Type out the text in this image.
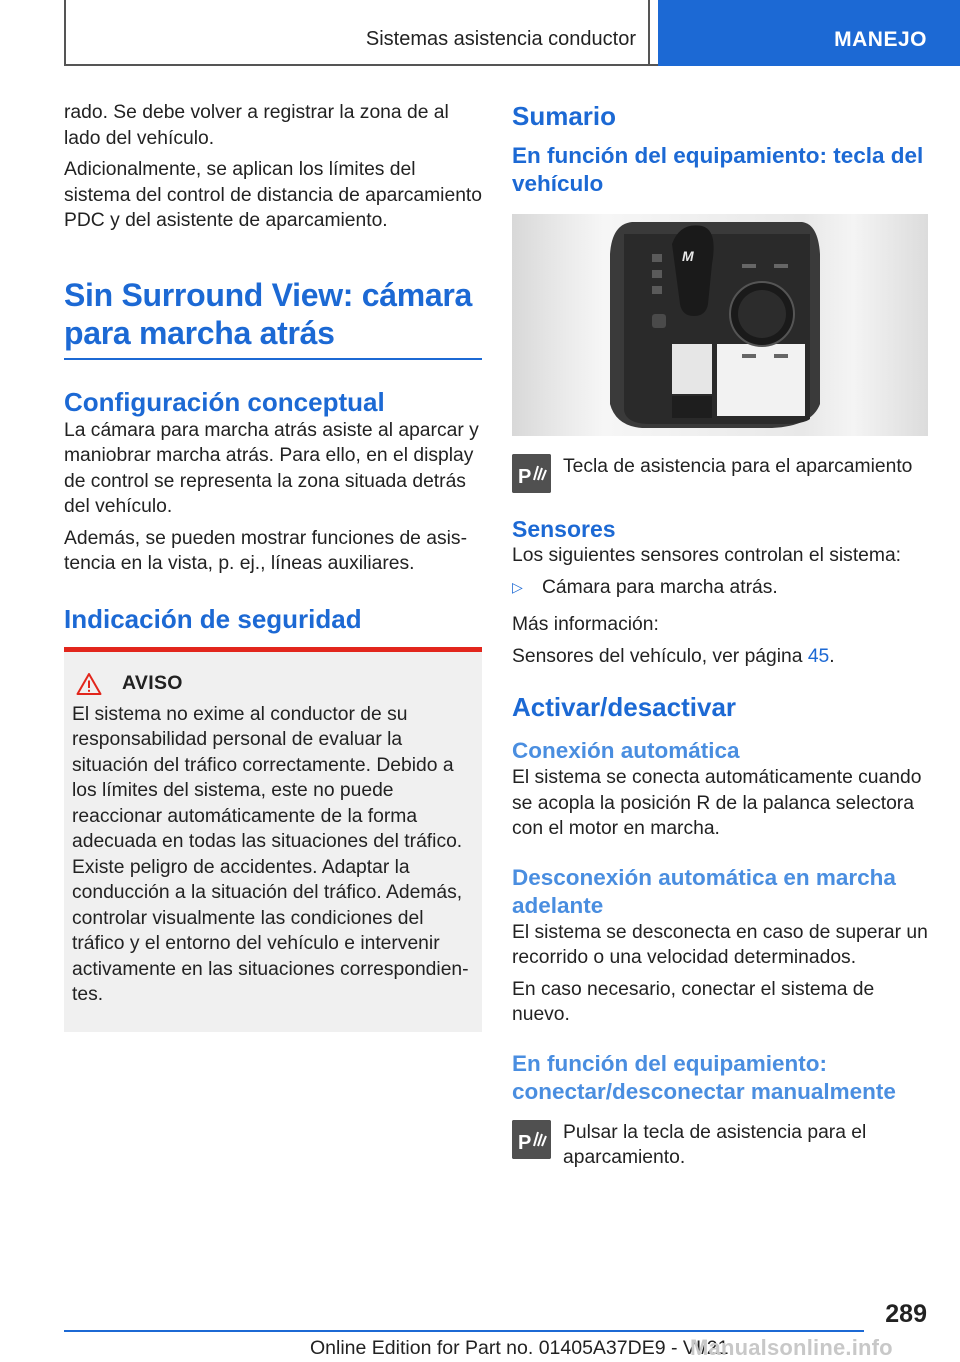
Sistemas asistencia conductor	MANEJO

rado. Se debe volver a registrar la zona de al lado del vehículo.

Adicionalmente, se aplican los límites del sistema del control de distancia de aparcamiento PDC y del asistente de aparcamiento.

Sin Surround View: cámara para marcha atrás
Configuración conceptual

La cámara para marcha atrás asiste al aparcar y maniobrar marcha atrás. Para ello, en el display de control se representa la zona situada detrás del vehículo.

Además, se pueden mostrar funciones de asistencia en la vista, p. ej., líneas auxiliares.

Indicación de seguridad
AVISO

El sistema no exime al conductor de su responsabilidad personal de evaluar la situación del tráfico correctamente. Debido a los límites del sistema, este no puede reaccionar automáticamente de la forma adecuada en todas las situaciones del tráfico. Existe peligro de accidentes. Adaptar la conducción a la situación del tráfico. Además, controlar visualmente las condiciones del tráfico y el entorno del vehículo e intervenir activamente en las situaciones correspondientes.

Sumario
En función del equipamiento: tecla del vehículo
M
P Tecla de asistencia para el aparcamiento

Sensores

Los siguientes sensores controlan el sistema:

▷ Cámara para marcha atrás.

Más información:

Sensores del vehículo, ver página 45.

Activar/desactivar
Conexión automática

El sistema se conecta automáticamente cuando se acopla la posición R de la palanca selectora con el motor en marcha.

Desconexión automática en marcha adelante

El sistema se desconecta en caso de superar un recorrido o una velocidad determinados.

En caso necesario, conectar el sistema de nuevo.

En función del equipamiento: conectar/desconectar manualmente
P Pulsar la tecla de asistencia para el aparcamiento.

289
Online Edition for Part no. 01405A37DE9 - VI/21
Manualsonline.info
